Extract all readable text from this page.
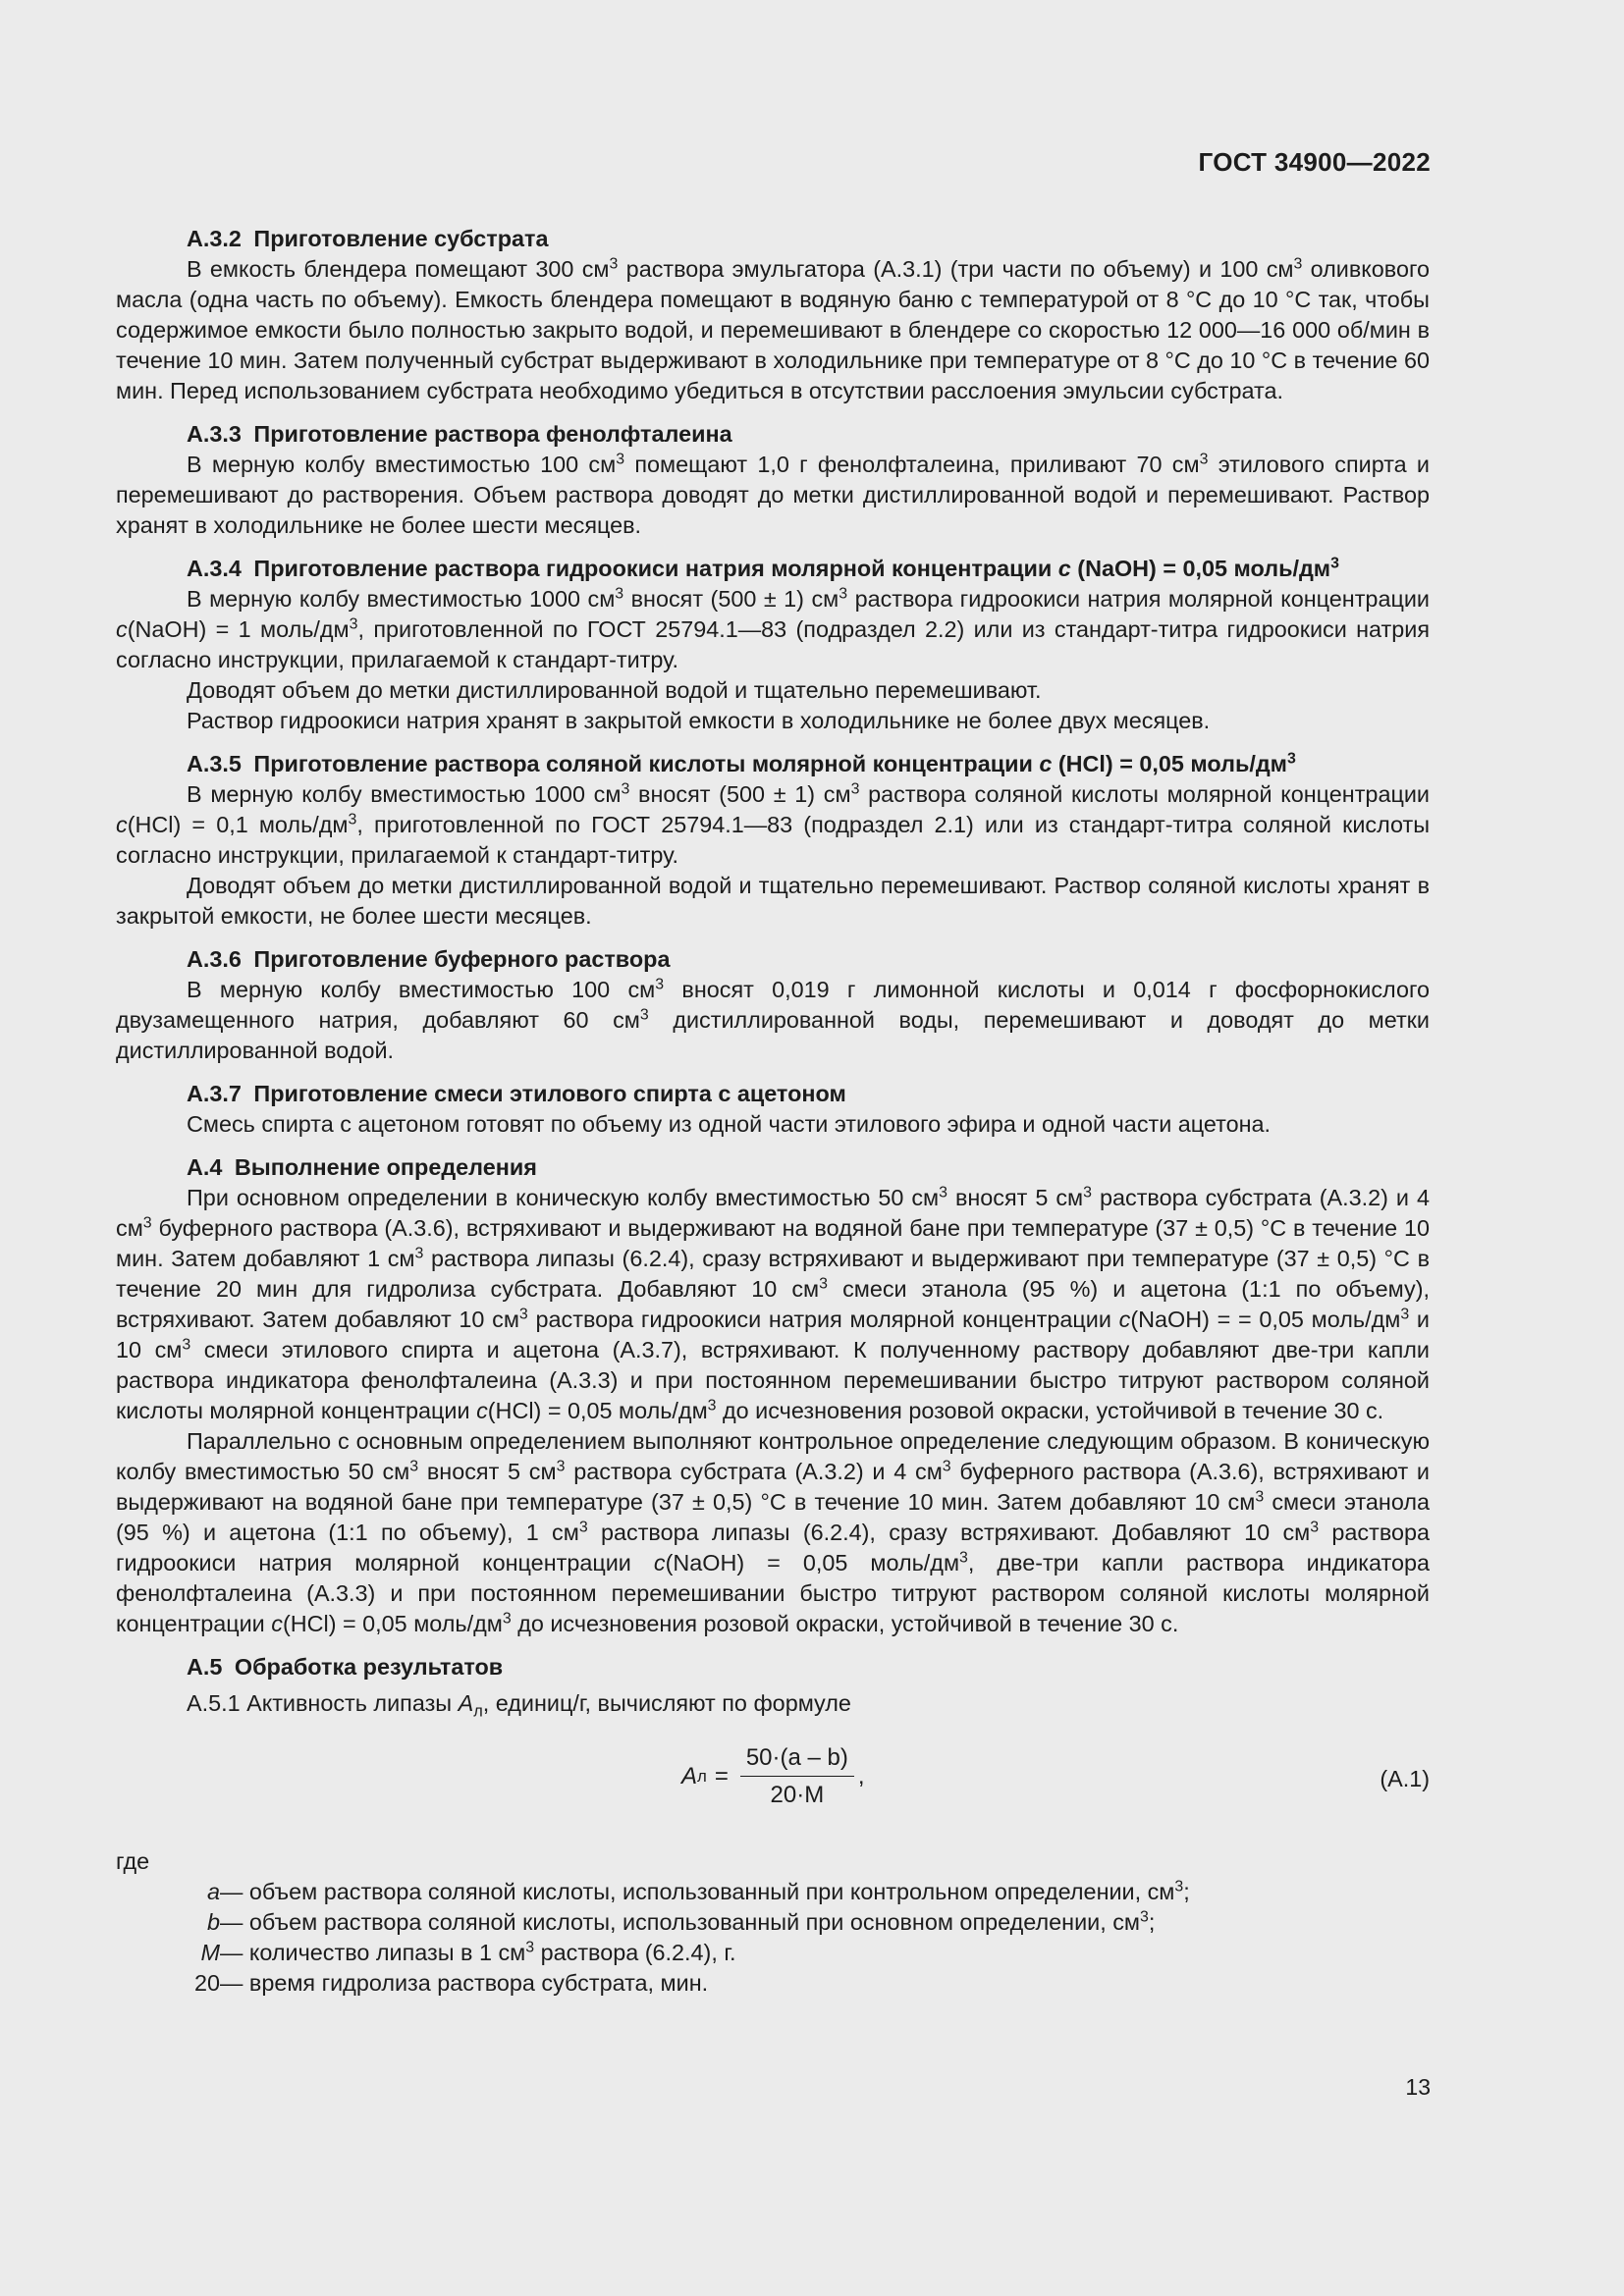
ГОСТ 34900—2022
А.3.2 Приготовление субстрата

В емкость блендера помещают 300 $см^3$ раствора эмульгатора (А.3.1) (три части по объему) и 100 $см^3$ оливкового масла (одна часть по объему). Емкость блендера помещают в водяную баню с температурой от 8 °С до 10 °С так, чтобы содержимое емкости было полностью закрыто водой, и перемешивают в блендере со скоростью 12 000—16 000 об/мин в течение 10 мин. Затем полученный субстрат выдерживают в холодильнике при температуре от 8 °С до 10 °С в течение 60 мин. Перед использованием субстрата необходимо убедиться в отсутствии расслоения эмульсии субстрата.

А.3.3 Приготовление раствора фенолфталеина

В мерную колбу вместимостью 100 $см^3$ помещают 1,0 г фенолфталеина, приливают 70 $см^3$ этилового спирта и перемешивают до растворения. Объем раствора доводят до метки дистиллированной водой и перемешивают. Раствор хранят в холодильнике не более шести месяцев.

А.3.4 Приготовление раствора гидроокиси натрия молярной концентрации с (NaOH) = 0,05 моль/$дм^3$

В мерную колбу вместимостью 1000 $см^3$ вносят (500 ± 1) $см^3$ раствора гидроокиси натрия молярной концентрации с(NaOH) = 1 моль/$дм^3$, приготовленной по ГОСТ 25794.1—83 (подраздел 2.2) или из стандарт-титра гидроокиси натрия согласно инструкции, прилагаемой к стандарт-титру.

Доводят объем до метки дистиллированной водой и тщательно перемешивают.

Раствор гидроокиси натрия хранят в закрытой емкости в холодильнике не более двух месяцев.

А.3.5 Приготовление раствора соляной кислоты молярной концентрации с (HCl) = 0,05 моль/$дм^3$

В мерную колбу вместимостью 1000 $см^3$ вносят (500 ± 1) $см^3$ раствора соляной кислоты молярной концентрации с(HCl) = 0,1 моль/$дм^3$, приготовленной по ГОСТ 25794.1—83 (подраздел 2.1) или из стандарт-титра соляной кислоты согласно инструкции, прилагаемой к стандарт-титру.

Доводят объем до метки дистиллированной водой и тщательно перемешивают. Раствор соляной кислоты хранят в закрытой емкости, не более шести месяцев.

А.3.6 Приготовление буферного раствора

В мерную колбу вместимостью 100 $см^3$ вносят 0,019 г лимонной кислоты и 0,014 г фосфорнокислого двузамещенного натрия, добавляют 60 $см^3$ дистиллированной воды, перемешивают и доводят до метки дистиллированной водой.

А.3.7 Приготовление смеси этилового спирта с ацетоном

Смесь спирта с ацетоном готовят по объему из одной части этилового эфира и одной части ацетона.

А.4 Выполнение определения

При основном определении в коническую колбу вместимостью 50 $см^3$ вносят 5 $см^3$ раствора субстрата (А.3.2) и 4 $см^3$ буферного раствора (А.3.6), встряхивают и выдерживают на водяной бане при температуре (37 ± 0,5) °С в течение 10 мин. Затем добавляют 1 $см^3$ раствора липазы (6.2.4), сразу встряхивают и выдерживают при температуре (37 ± 0,5) °С в течение 20 мин для гидролиза субстрата. Добавляют 10 $см^3$ смеси этанола (95 %) и ацетона (1:1 по объему), встряхивают. Затем добавляют 10 $см^3$ раствора гидроокиси натрия молярной концентрации с(NaOH) = = 0,05 моль/$дм^3$ и 10 $см^3$ смеси этилового спирта и ацетона (А.3.7), встряхивают. К полученному раствору добавляют две-три капли раствора индикатора фенолфталеина (А.3.3) и при постоянном перемешивании быстро титруют раствором соляной кислоты молярной концентрации с(HCl) = 0,05 моль/$дм^3$ до исчезновения розовой окраски, устойчивой в течение 30 с.

Параллельно с основным определением выполняют контрольное определение следующим образом. В коническую колбу вместимостью 50 $см^3$ вносят 5 $см^3$ раствора субстрата (А.3.2) и 4 $см^3$ буферного раствора (А.3.6), встряхивают и выдерживают на водяной бане при температуре (37 ± 0,5) °С в течение 10 мин. Затем добавляют 10 $см^3$ смеси этанола (95 %) и ацетона (1:1 по объему), 1 $см^3$ раствора липазы (6.2.4), сразу встряхивают. Добавляют 10 $см^3$ раствора гидроокиси натрия молярной концентрации с(NaOH) = 0,05 моль/$дм^3$, две-три капли раствора индикатора фенолфталеина (А.3.3) и при постоянном перемешивании быстро титруют раствором соляной кислоты молярной концентрации с(HCl) = 0,05 моль/$дм^3$ до исчезновения розовой окраски, устойчивой в течение 30 с.

А.5 Обработка результатов

А.5.1 Активность липазы $А_л$, единиц/г, вычисляют по формуле

А $л = \frac{50\cdot(a - b)}{20\cdot M}$ ,	(А.1)
где
a — объем раствора соляной кислоты, использованный при контрольном определении, $см^3$;
b — объем раствора соляной кислоты, использованный при основном определении, $см^3$;
M — количество липазы в 1 $см^3$ раствора (6.2.4), г.
20 — время гидролиза раствора субстрата, мин.
13
